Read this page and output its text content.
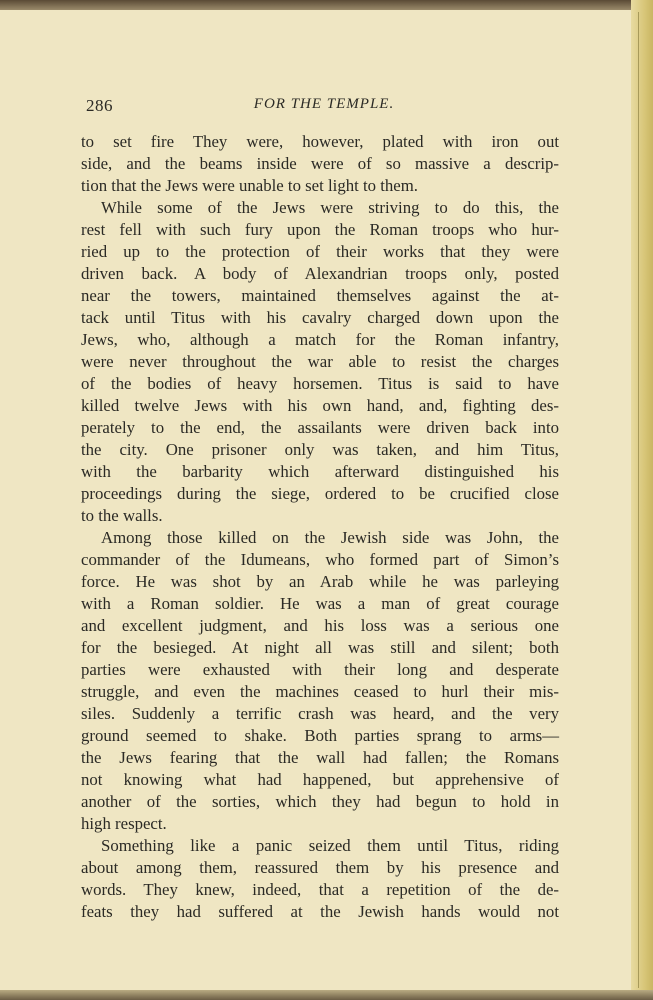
286	FOR THE TEMPLE.
to set fire They were, however, plated with iron out
side, and the beams inside were of so massive a descrip-
tion that the Jews were unable to set light to them.
While some of the Jews were striving to do this, the
rest fell with such fury upon the Roman troops who hur-
ried up to the protection of their works that they were
driven back. A body of Alexandrian troops only, posted
near the towers, maintained themselves against the at-
tack until Titus with his cavalry charged down upon the
Jews, who, although a match for the Roman infantry,
were never throughout the war able to resist the charges
of the bodies of heavy horsemen. Titus is said to have
killed twelve Jews with his own hand, and, fighting des-
perately to the end, the assailants were driven back into
the city. One prisoner only was taken, and him Titus,
with the barbarity which afterward distinguished his
proceedings during the siege, ordered to be crucified close
to the walls.
Among those killed on the Jewish side was John, the
commander of the Idumeans, who formed part of Simon’s
force. He was shot by an Arab while he was parleying
with a Roman soldier. He was a man of great courage
and excellent judgment, and his loss was a serious one
for the besieged. At night all was still and silent; both
parties were exhausted with their long and desperate
struggle, and even the machines ceased to hurl their mis-
siles. Suddenly a terrific crash was heard, and the very
ground seemed to shake. Both parties sprang to arms—
the Jews fearing that the wall had fallen; the Romans
not knowing what had happened, but apprehensive of
another of the sorties, which they had begun to hold in
high respect.
Something like a panic seized them until Titus, riding
about among them, reassured them by his presence and
words. They knew, indeed, that a repetition of the de-
feats they had suffered at the Jewish hands would not
